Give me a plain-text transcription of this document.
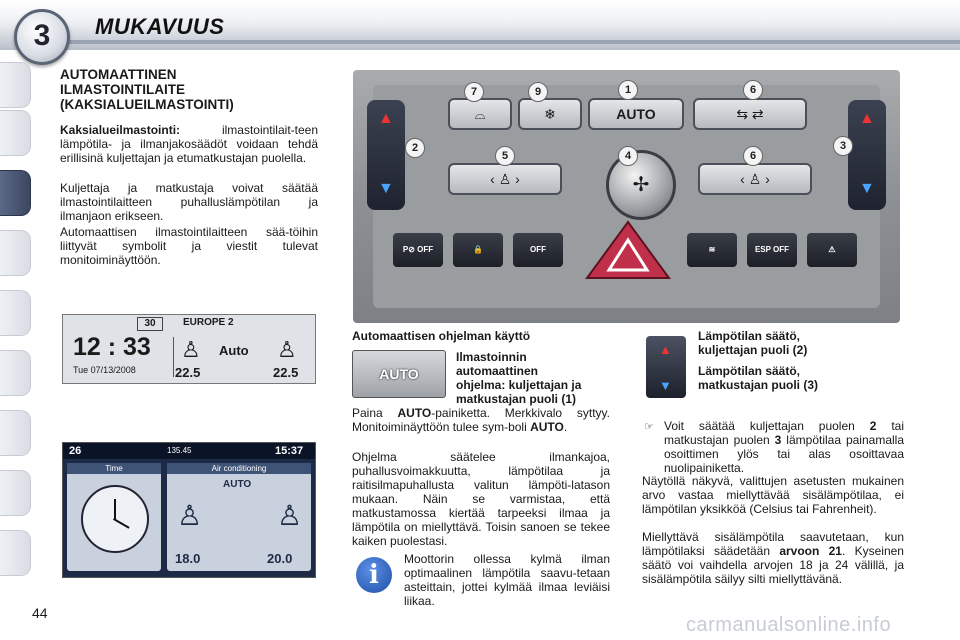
3	MUKAVUUS
AUTOMAATTINEN
ILMASTOINTILAITE
(KAKSIALUEILMASTOINTI)
Kaksialueilmastointi: ilmastointilait-teen lämpötila- ja ilmanjakosäädöt voidaan tehdä erillisinä kuljettajan ja etumatkustajan puolella.
Kuljettaja ja matkustaja voivat säätää ilmastointilaitteen puhalluslämpötilan ja ilmanjaon erikseen.
Automaattisen ilmastointilaitteen sää-töihin liittyvät symbolit ja viestit tulevat monitoiminäyttöön.
30	EUROPE 2
12 : 33
Tue 07/13/2008
♙ Auto ♙
22.5	22.5
26	135.45	15:37
Time	Air conditioning
AUTO
♙	♙
18.0	20.0
▲
▼
▲
▼
⌓	❄	AUTO	⇆ ⇄
‹ ♙ ›	‹ ♙ ›
✢
P⊘ OFF	🔒	OFF	≋	ESP OFF	⚠
7	9	1	6
2
5	4	6
3
Automaattisen ohjelman käyttö
AUTO
Ilmastoinnin
automaattinen
ohjelma: kuljettajan ja
matkustajan puoli (1)
Paina AUTO-painiketta. Merkkivalo syttyy. Monitoiminäyttöön tulee sym-boli AUTO.
Ohjelma säätelee ilmankajoa, puhallusvoimakkuutta, lämpötilaa ja raitisilmapuhallusta valitun lämpöti-latason mukaan. Näin se varmistaa, että matkustamossa kiertää tarpeeksi ilmaa ja lämpötila on miellyttävä. Toisin sanoen se tekee kaiken puolestasi.
i
Moottorin ollessa kylmä ilman optimaalinen lämpötila saavu-tetaan asteittain, jottei kylmää ilmaa leviäisi liikaa.
▲
▼
Lämpötilan säätö,
kuljettajan puoli (2)
Lämpötilan säätö,
matkustajan puoli (3)
☞ Voit säätää kuljettajan puolen 2 tai matkustajan puolen 3 lämpötilaa painamalla osoittimen ylös tai alas osoittavaa nuolipainiketta.
Näytöllä näkyvä, valittujen asetusten mukainen arvo vastaa miellyttävää sisälämpötilaa, ei lämpötilan yksikköä (Celsius tai Fahrenheit).
Miellyttävä sisälämpötila saavutetaan, kun lämpötilaksi säädetään arvoon 21. Kyseinen säätö voi vaihdella arvojen 18 ja 24 välillä, ja sisälämpötila säilyy silti miellyttävänä.
44
carmanualsonline.info
